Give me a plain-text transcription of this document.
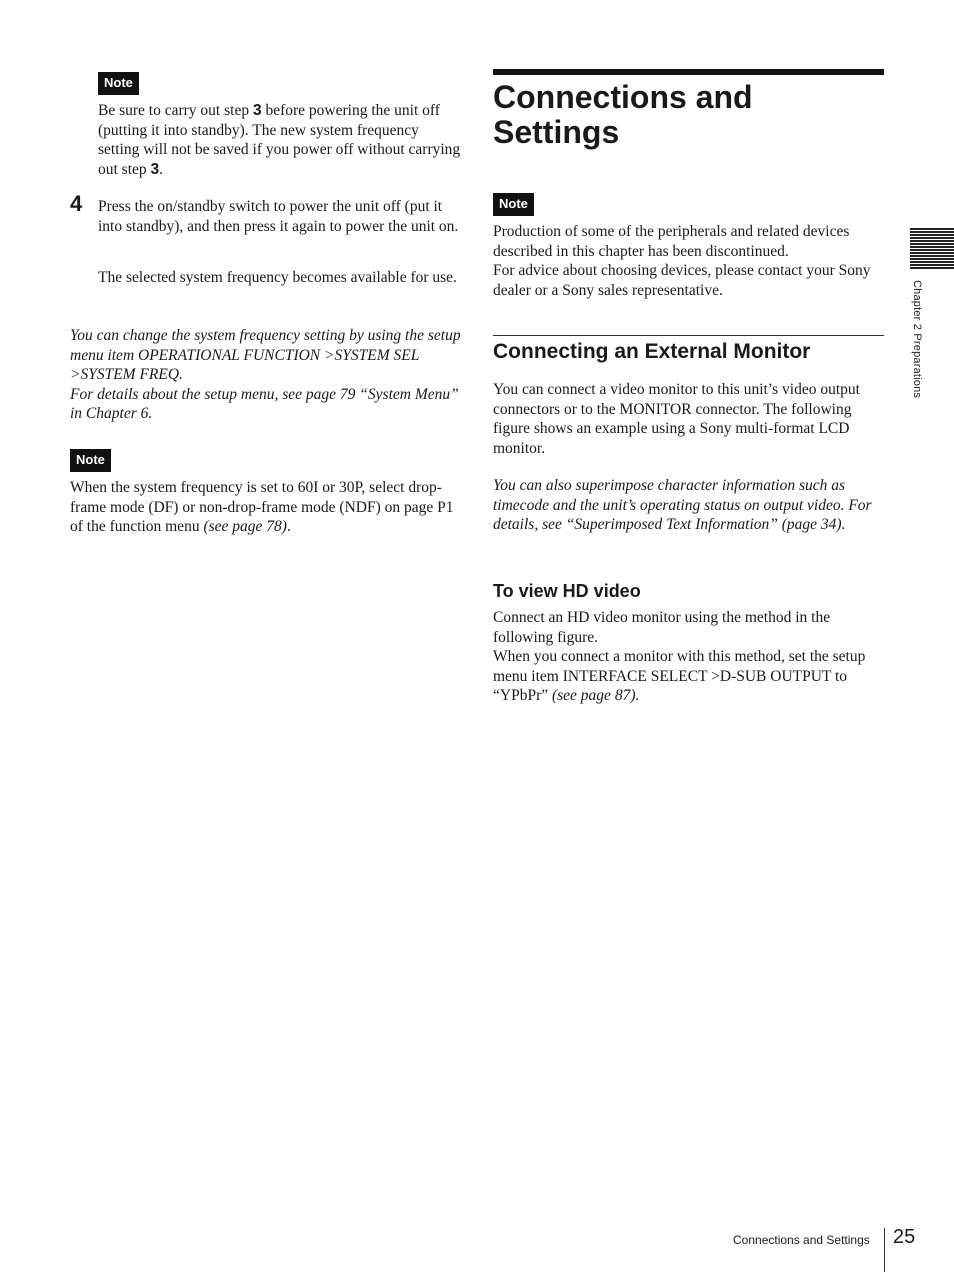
Note
Be sure to carry out step 3 before powering the unit off (putting it into standby). The new system frequency setting will not be saved if you power off without carrying out step 3.
4 Press the on/standby switch to power the unit off (put it into standby), and then press it again to power the unit on.
The selected system frequency becomes available for use.
You can change the system frequency setting by using the setup menu item OPERATIONAL FUNCTION >SYSTEM SEL >SYSTEM FREQ.
For details about the setup menu, see page 79 “System Menu” in Chapter 6.
Note
When the system frequency is set to 60I or 30P, select drop-frame mode (DF) or non-drop-frame mode (NDF) on page P1 of the function menu (see page 78).
Connections and Settings
Note
Production of some of the peripherals and related devices described in this chapter has been discontinued.
For advice about choosing devices, please contact your Sony dealer or a Sony sales representative.
Connecting an External Monitor
You can connect a video monitor to this unit’s video output connectors or to the MONITOR connector. The following figure shows an example using a Sony multi-format LCD monitor.
You can also superimpose character information such as timecode and the unit’s operating status on output video. For details, see “Superimposed Text Information” (page 34).
To view HD video
Connect an HD video monitor using the method in the following figure.
When you connect a monitor with this method, set the setup menu item INTERFACE SELECT >D-SUB OUTPUT to “YPbPr” (see page 87).
Chapter 2 Preparations
Connections and Settings 25
